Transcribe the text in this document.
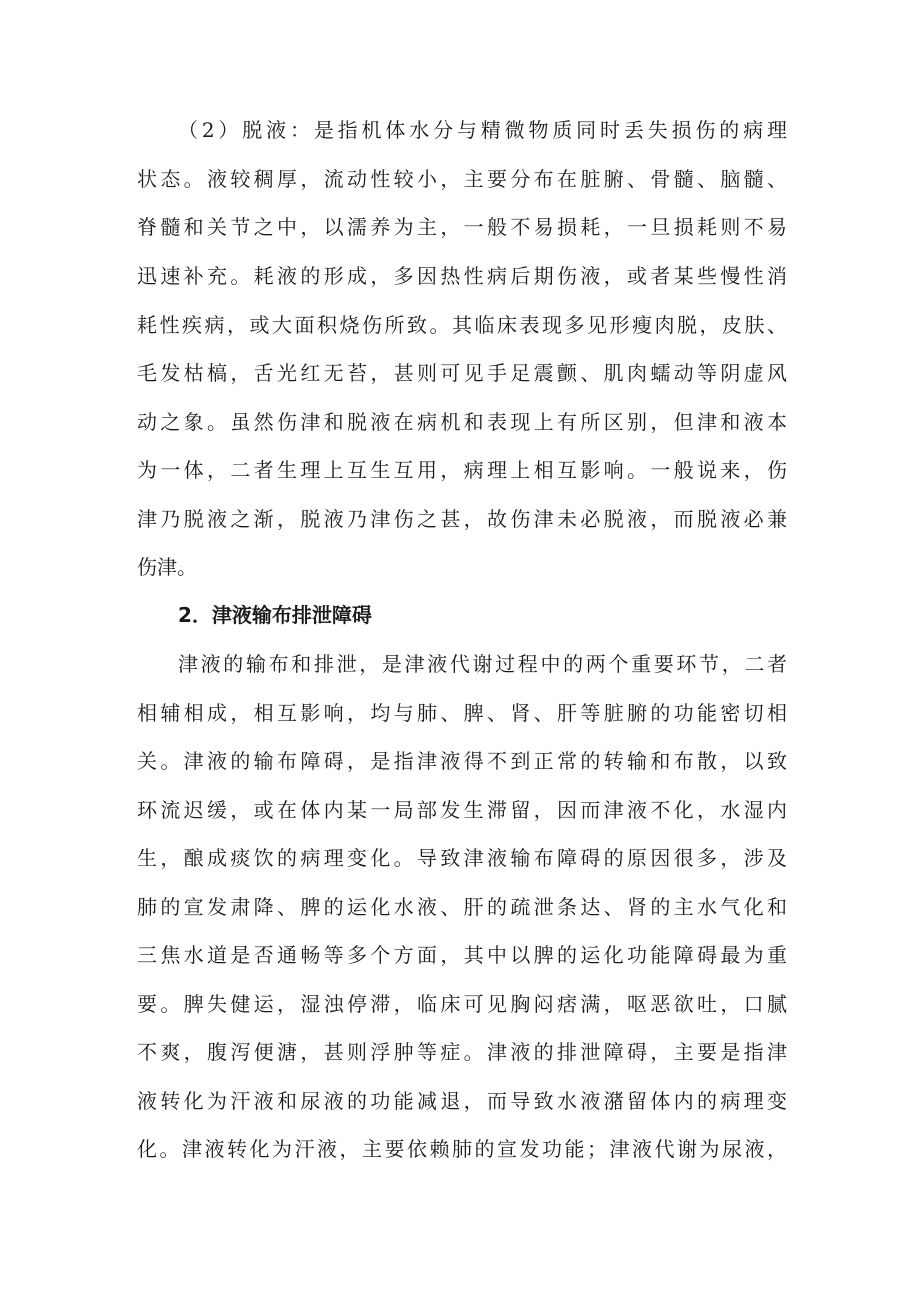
（2）脱液：是指机体水分与精微物质同时丢失损伤的病理
状态。液较稠厚，流动性较小，主要分布在脏腑、骨髓、脑髓、
脊髓和关节之中，以濡养为主，一般不易损耗，一旦损耗则不易
迅速补充。耗液的形成，多因热性病后期伤液，或者某些慢性消
耗性疾病，或大面积烧伤所致。其临床表现多见形瘦肉脱，皮肤、
毛发枯槁，舌光红无苔，甚则可见手足震颤、肌肉蠕动等阴虚风
动之象。虽然伤津和脱液在病机和表现上有所区别，但津和液本
为一体，二者生理上互生互用，病理上相互影响。一般说来，伤
津乃脱液之渐，脱液乃津伤之甚，故伤津未必脱液，而脱液必兼
伤津。
2．津液输布排泄障碍
津液的输布和排泄，是津液代谢过程中的两个重要环节，二者
相辅相成，相互影响，均与肺、脾、肾、肝等脏腑的功能密切相
关。津液的输布障碍，是指津液得不到正常的转输和布散，以致
环流迟缓，或在体内某一局部发生滞留，因而津液不化，水湿内
生，酿成痰饮的病理变化。导致津液输布障碍的原因很多，涉及
肺的宣发肃降、脾的运化水液、肝的疏泄条达、肾的主水气化和
三焦水道是否通畅等多个方面，其中以脾的运化功能障碍最为重
要。脾失健运，湿浊停滞，临床可见胸闷痞满，呕恶欲吐，口腻
不爽，腹泻便溏，甚则浮肿等症。津液的排泄障碍，主要是指津
液转化为汗液和尿液的功能减退，而导致水液潴留体内的病理变
化。津液转化为汗液，主要依赖肺的宣发功能；津液代谢为尿液，
